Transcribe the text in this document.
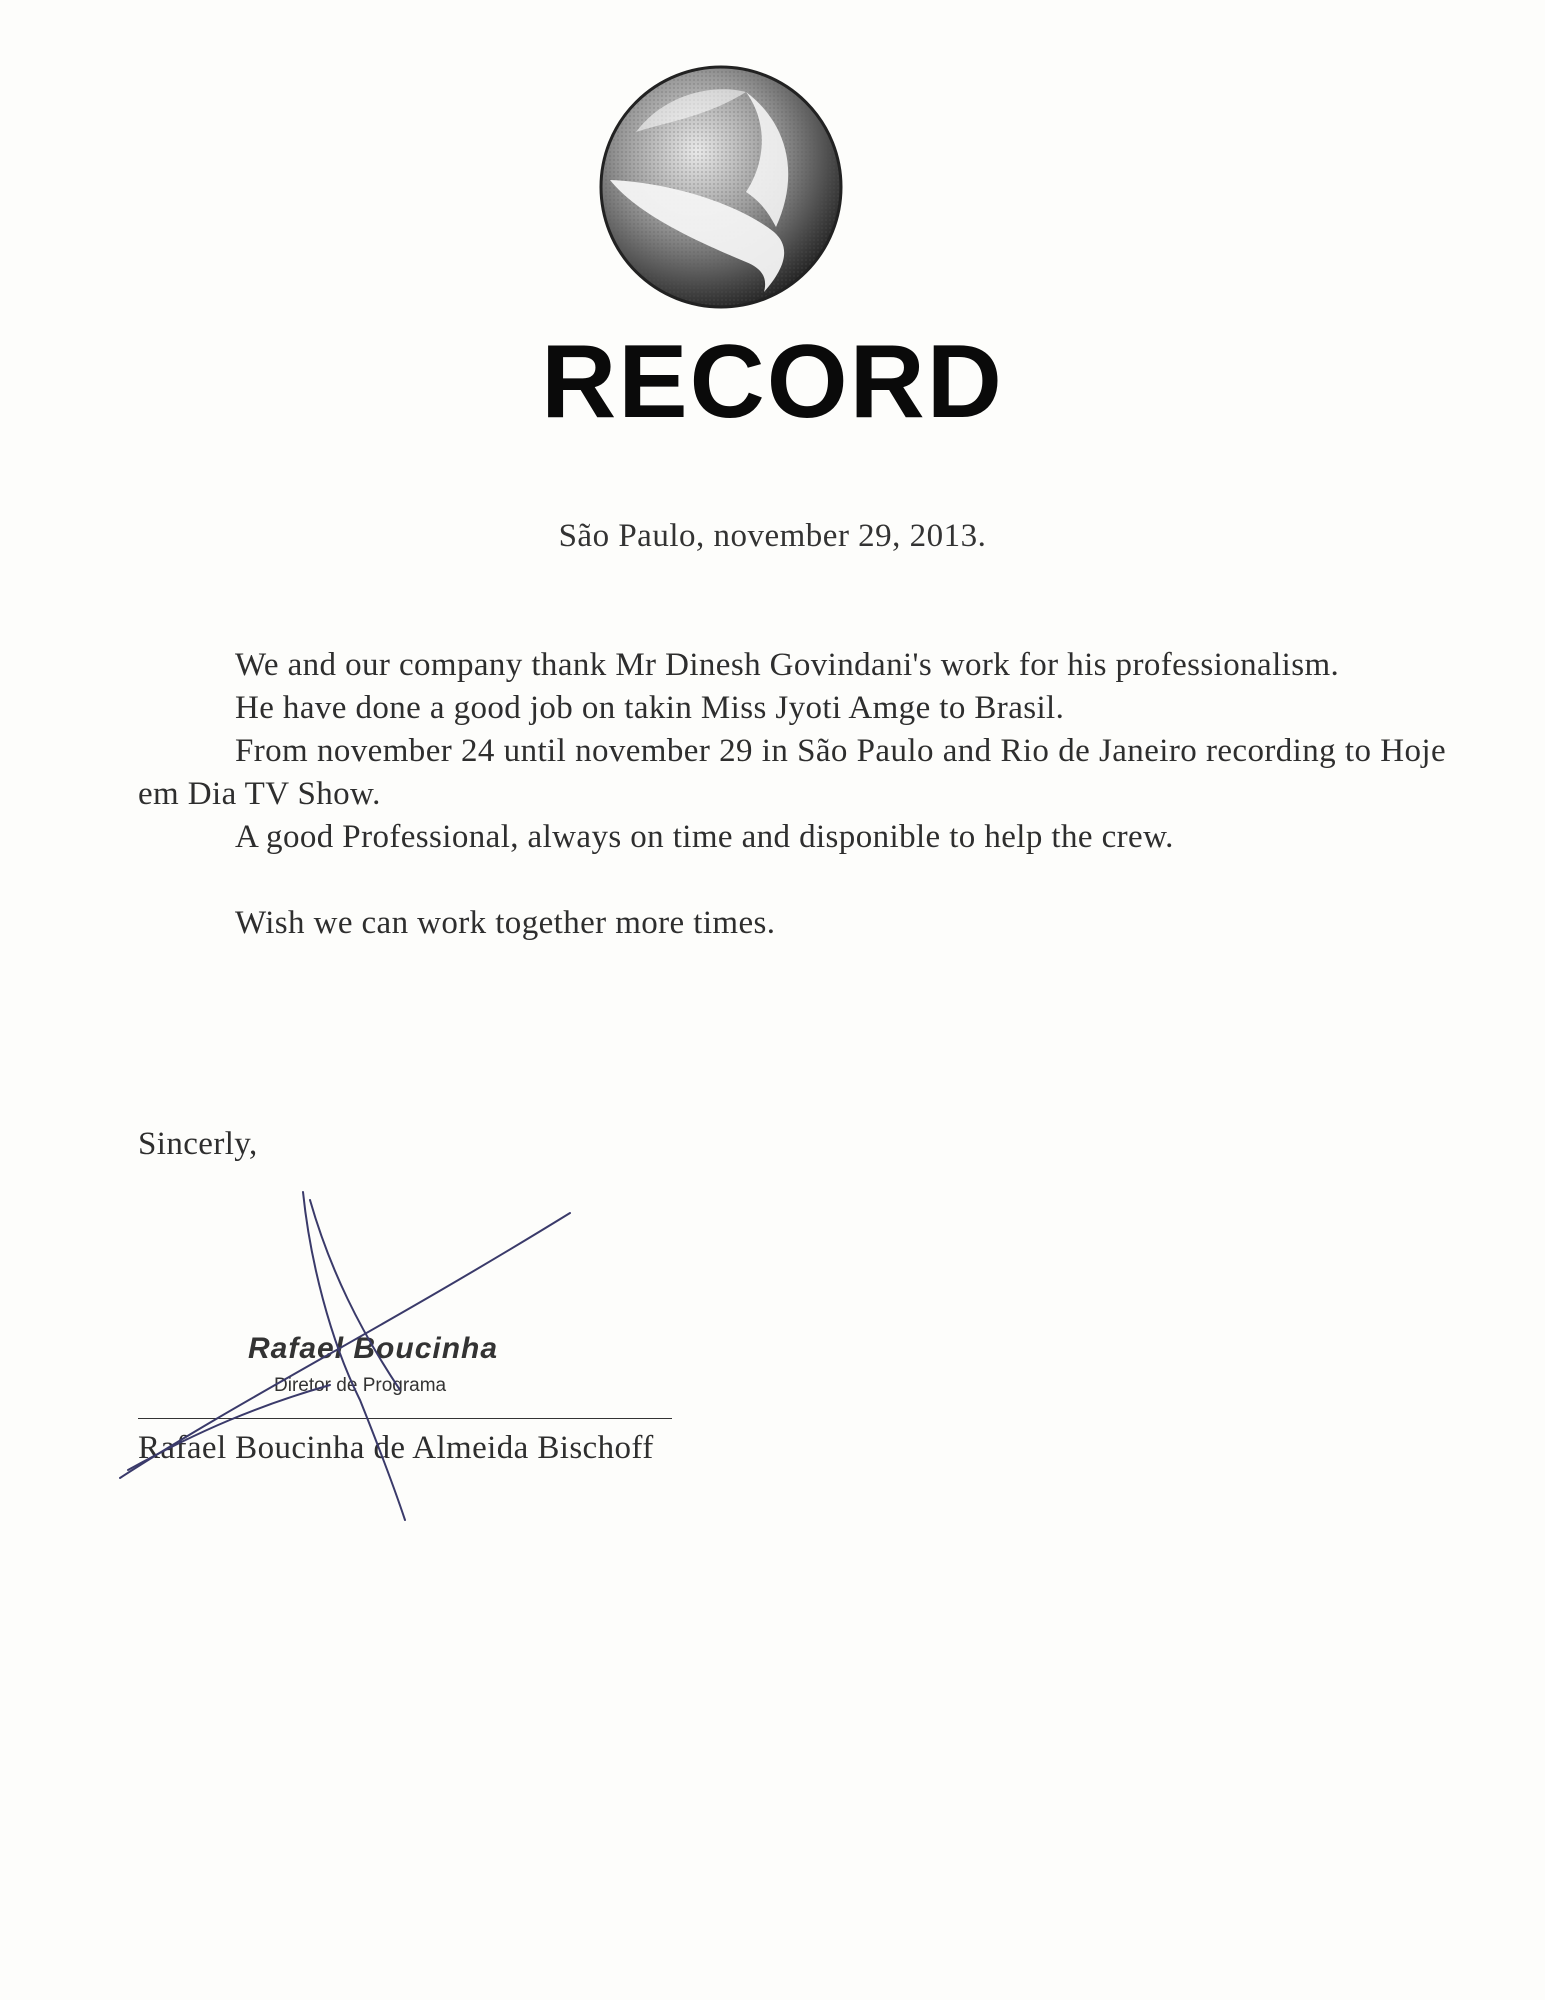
RECORD
São Paulo, november 29, 2013.

We and our company thank Mr Dinesh Govindani's work for his professionalism.

He have done a good job on takin Miss Jyoti Amge to Brasil.

From november 24 until november 29 in São Paulo and Rio de Janeiro recording to Hoje em Dia TV Show.

A good Professional, always on time and disponible to help the crew.

Wish we can work together more times.

Sincerly,
Rafael Boucinha
Diretor de Programa
Rafael Boucinha de Almeida Bischoff
